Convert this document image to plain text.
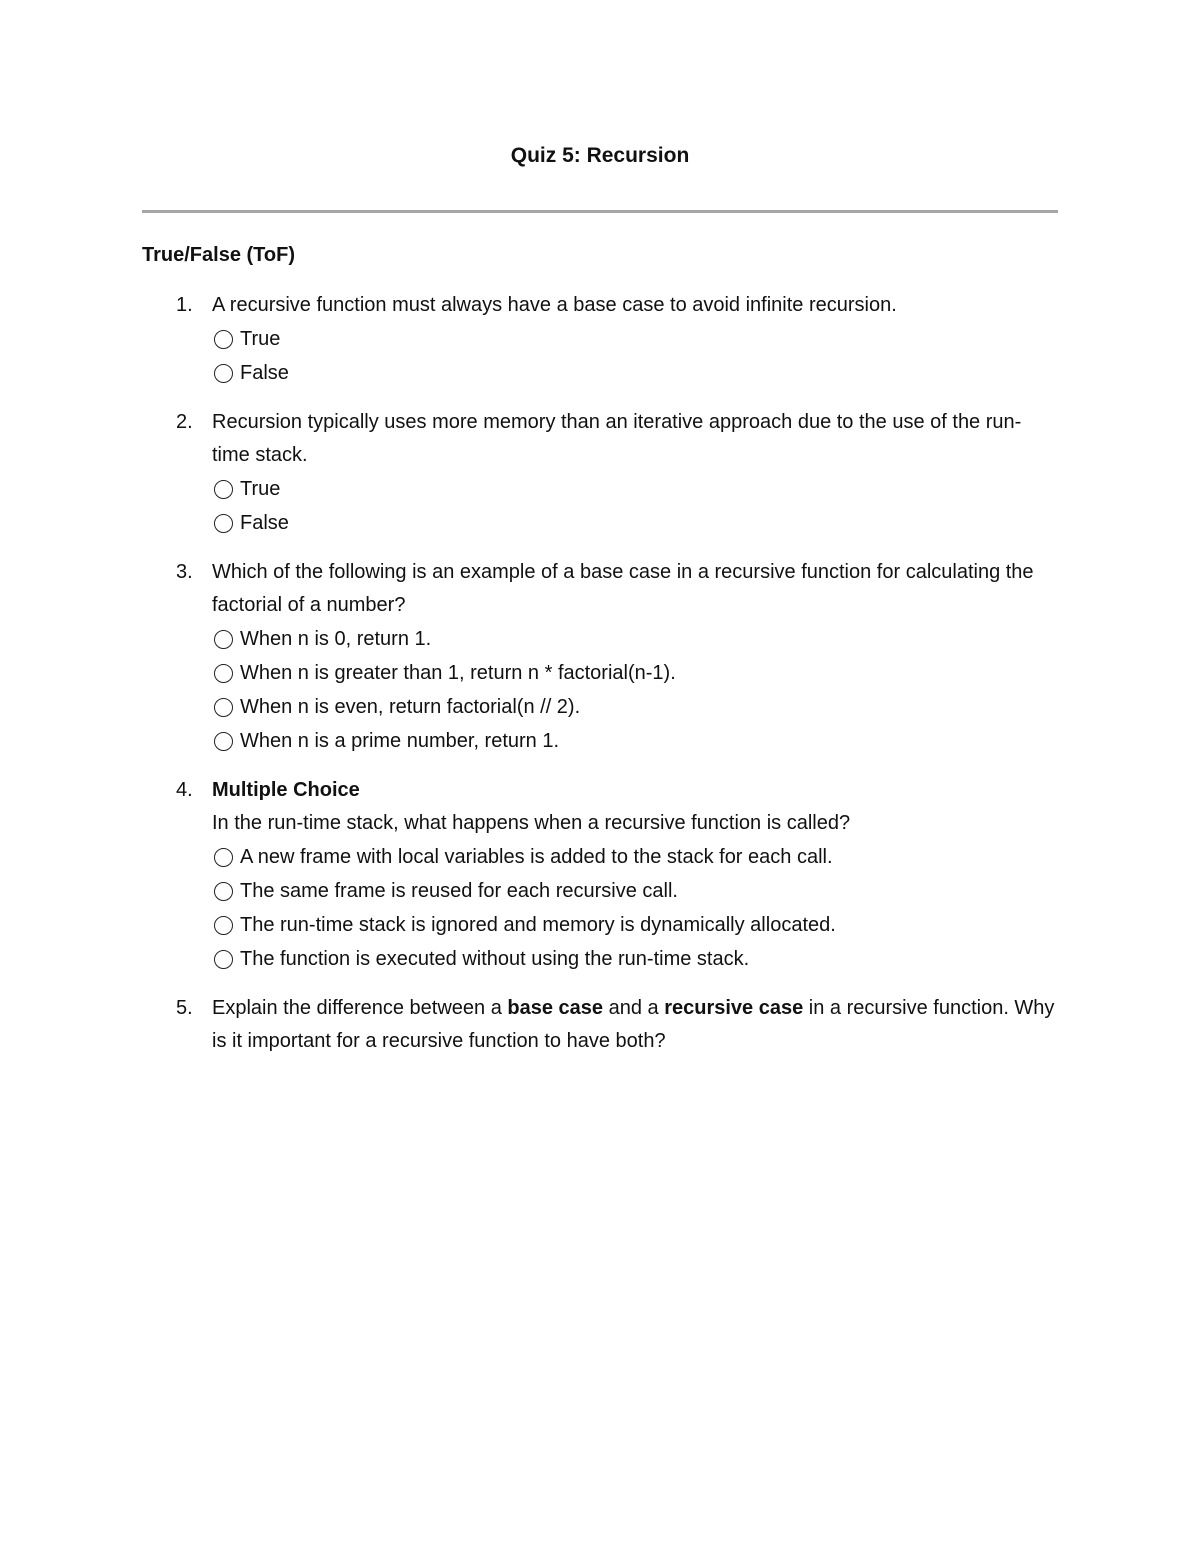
Quiz 5: Recursion
True/False (ToF)
1. A recursive function must always have a base case to avoid infinite recursion.
True
False
2. Recursion typically uses more memory than an iterative approach due to the use of the run-time stack.
True
False
3. Which of the following is an example of a base case in a recursive function for calculating the factorial of a number?
When n is 0, return 1.
When n is greater than 1, return n * factorial(n-1).
When n is even, return factorial(n // 2).
When n is a prime number, return 1.
4. Multiple Choice
In the run-time stack, what happens when a recursive function is called?
A new frame with local variables is added to the stack for each call.
The same frame is reused for each recursive call.
The run-time stack is ignored and memory is dynamically allocated.
The function is executed without using the run-time stack.
5. Explain the difference between a base case and a recursive case in a recursive function. Why is it important for a recursive function to have both?
